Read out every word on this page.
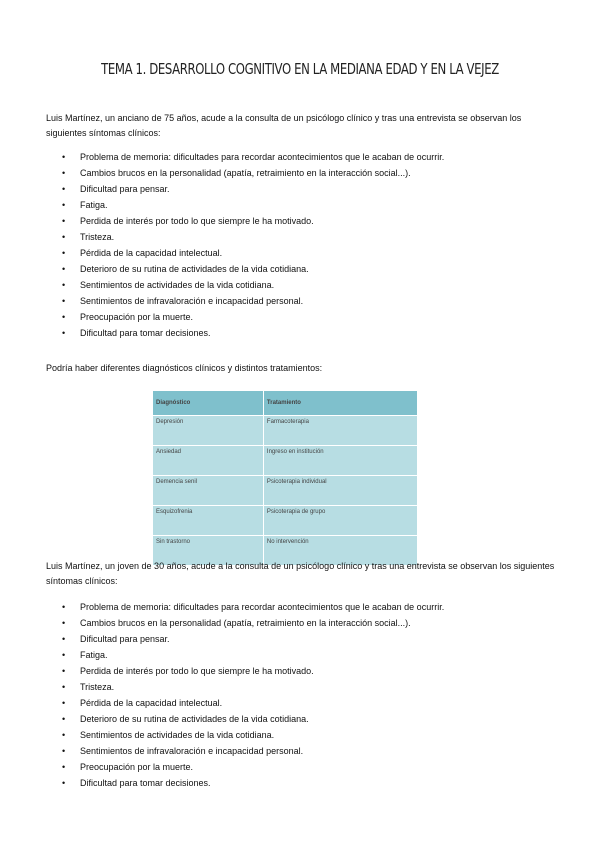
TEMA 1. DESARROLLO COGNITIVO EN LA MEDIANA EDAD Y EN LA VEJEZ
Luis Martínez, un anciano de 75 años, acude a la consulta de un psicólogo clínico y tras una entrevista se observan los siguientes síntomas clínicos:
• Problema de memoria: dificultades para recordar acontecimientos que le acaban de ocurrir.
• Cambios brucos en la personalidad (apatía, retraimiento en la interacción social...).
• Dificultad para pensar.
• Fatiga.
• Perdida de interés por todo lo que siempre le ha motivado.
• Tristeza.
• Pérdida de la capacidad intelectual.
• Deterioro de su rutina de actividades de la vida cotidiana.
• Sentimientos de actividades de la vida cotidiana.
• Sentimientos de infravaloración e incapacidad personal.
• Preocupación por la muerte.
• Dificultad para tomar decisiones.
Podría haber diferentes diagnósticos clínicos y distintos tratamientos:
Diagnóstico	Tratamiento
Depresión	Farmacoterapia
Ansiedad	Ingreso en institución
Demencia senil	Psicoterapia individual
Esquizofrenia	Psicoterapia de grupo
Sin trastorno	No intervención
Luis Martínez, un joven de 30 años, acude a la consulta de un psicólogo clínico y tras una entrevista se observan los siguientes síntomas clínicos:
• Problema de memoria: dificultades para recordar acontecimientos que le acaban de ocurrir.
• Cambios brucos en la personalidad (apatía, retraimiento en la interacción social...).
• Dificultad para pensar.
• Fatiga.
• Perdida de interés por todo lo que siempre le ha motivado.
• Tristeza.
• Pérdida de la capacidad intelectual.
• Deterioro de su rutina de actividades de la vida cotidiana.
• Sentimientos de actividades de la vida cotidiana.
• Sentimientos de infravaloración e incapacidad personal.
• Preocupación por la muerte.
• Dificultad para tomar decisiones.
